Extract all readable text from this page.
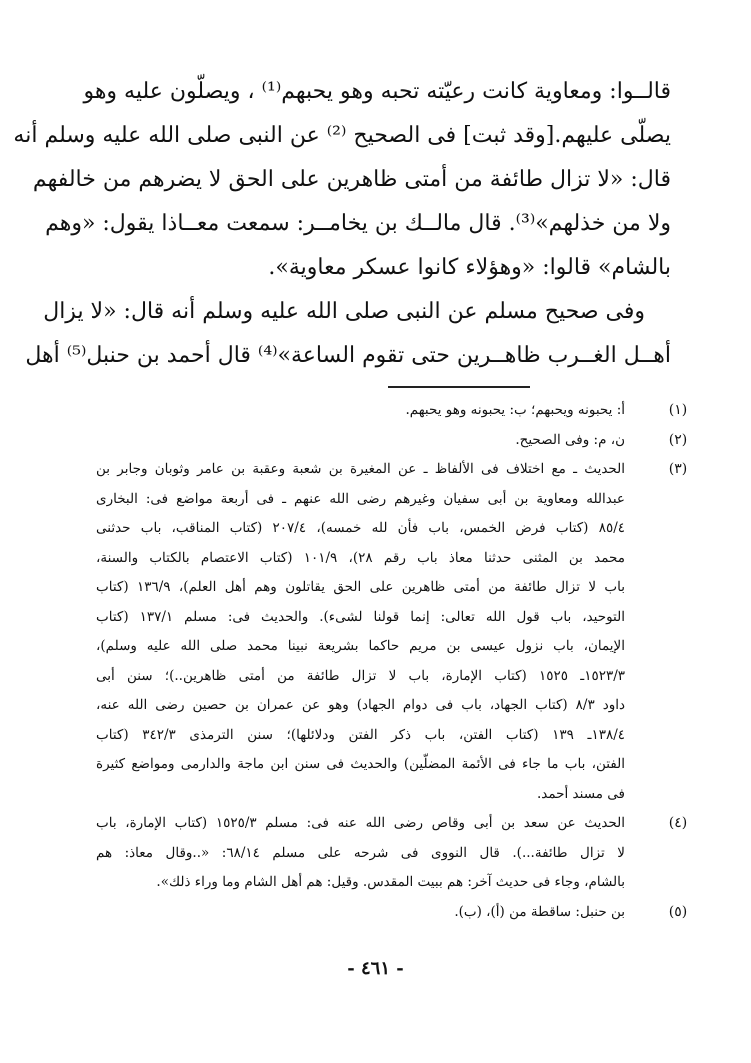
قالــوا: ومعاوية كانت رعيّته تحبه وهو يحبهم⁽¹⁾ ، ويصلّون عليه وهو
يصلّى عليهم.[وقد ثبت] فى الصحيح ⁽²⁾ عن النبى صلى الله عليه وسلم أنه
قال: «لا تزال طائفة من أمتى ظاهرين على الحق لا يضرهم من خالفهم
ولا من خذلهم»⁽³⁾. قال مالــك بن يخامــر: سمعت معــاذا يقول: «وهم
بالشام» قالوا: «وهؤلاء كانوا عسكر معاوية».
وفى صحيح مسلم عن النبى صلى الله عليه وسلم أنه قال: «لا يزال
أهــل الغــرب ظاهــرين حتى تقوم الساعة»⁽⁴⁾ قال أحمد بن حنبل⁽⁵⁾ أهل
(١)
أ: يحبونه ويحبهم؛ ب: يحبونه وهو يحبهم.
(٢)
ن، م: وفى الصحيح.
(٣)
الحديث ـ مع اختلاف فى الألفاظ ـ عن المغيرة بن شعبة وعقبة بن عامر وثوبان وجابر بن
عبدالله ومعاوية بن أبى سفيان وغيرهم رضى الله عنهم ـ فى أربعة مواضع فى: البخارى
٨٥/٤ (كتاب فرض الخمس، باب فأن لله خمسه)، ٢٠٧/٤ (كتاب المناقب، باب حدثنى
محمد بن المثنى حدثنا معاذ باب رقم ٢٨)، ١٠١/٩ (كتاب الاعتصام بالكتاب والسنة،
باب لا تزال طائفة من أمتى ظاهرين على الحق يقاتلون وهم أهل العلم)، ١٣٦/٩ (كتاب
التوحيد، باب قول الله تعالى: إنما قولنا لشىء). والحديث فى: مسلم ١٣٧/١ (كتاب
الإيمان، باب نزول عيسى بن مريم حاكما بشريعة نبينا محمد صلى الله عليه وسلم)،
١٥٢٣/٣ـ ١٥٢٥ (كتاب الإمارة، باب لا تزال طائفة من أمتى ظاهرين..)؛ سنن أبى
داود ٨/٣ (كتاب الجهاد، باب فى دوام الجهاد) وهو عن عمران بن حصين رضى الله عنه،
١٣٨/٤ـ ١٣٩ (كتاب الفتن، باب ذكر الفتن ودلائلها)؛ سنن الترمذى ٣٤٢/٣ (كتاب
الفتن، باب ما جاء فى الأئمة المضلّين) والحديث فى سنن ابن ماجة والدارمى ومواضع كثيرة
فى مسند أحمد.
(٤)
الحديث عن سعد بن أبى وقاص رضى الله عنه فى: مسلم ١٥٢٥/٣ (كتاب الإمارة، باب
لا تزال طائفة...). قال النووى فى شرحه على مسلم ٦٨/١٤: «..وقال معاذ: هم
بالشام، وجاء فى حديث آخر: هم ببيت المقدس. وقيل: هم أهل الشام وما وراء ذلك».
(٥)
بن حنبل: ساقطة من (أ)، (ب).
- ٤٦١ -
